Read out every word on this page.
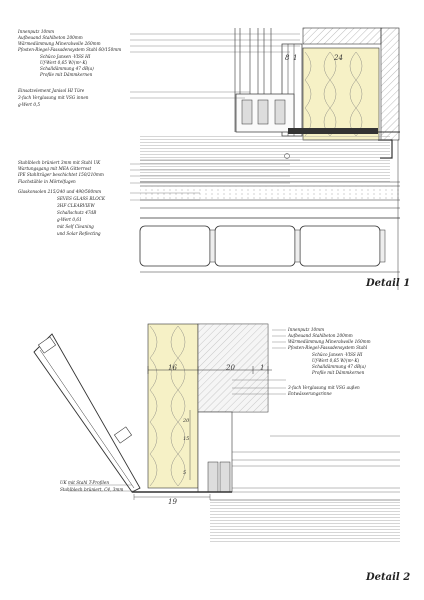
Innenputz 10mm
Aufbeuand Stahlbeton 200mm
Wärmedämmung Mineralwolle 260mm
Pfosten-Riegel-Fassadensystem Stahl 60/150mm
Schüco Jansen -VISS HI
Uf-Wert 0,65 W/(m²·K)
Schalldämmung 47 dB(a)
Profile mit Dämmkernen
Einsatzelement Janisol HI Türe
3-fach Verglasung mit VSG innen
g-Wert 0,5
Stahlblech brüniert 3mm mit Stahl UK
Wartungsgang mit MEA Gitterrost
IPE Stahlträger beschichtet 150/210mm
Flachstähle in Mörtelfugen
Glaskonsolen 215/240 und 490/500mm
SEVES GLASS BLOCK
3HF CLEARVIEW
Schallschutz 47dB
g-Wert 0,61
mit Self Cleaning
und Solar Reflecting
8 1	24
Detail 1
Innenputz 10mm
Aufbeuand Stahlbeton 200mm
Wärmedämmung Mineralwolle 160mm
Pfosten-Riegel-Fassadensystem Stahl
Schüco Jansen -VISS HI
Uf-Wert 0,65 W/(m²·K)
Schalldämmung 47 dB(a)
Profile mit Dämmkernen
3-fach Verglasung mit VSG außen
Entwässerungsrinne
UK mit Stahl T-Profilen
Stahlblech brüniert, C4, 3mm
16	20	1
19
5
15
20
Detail 2
